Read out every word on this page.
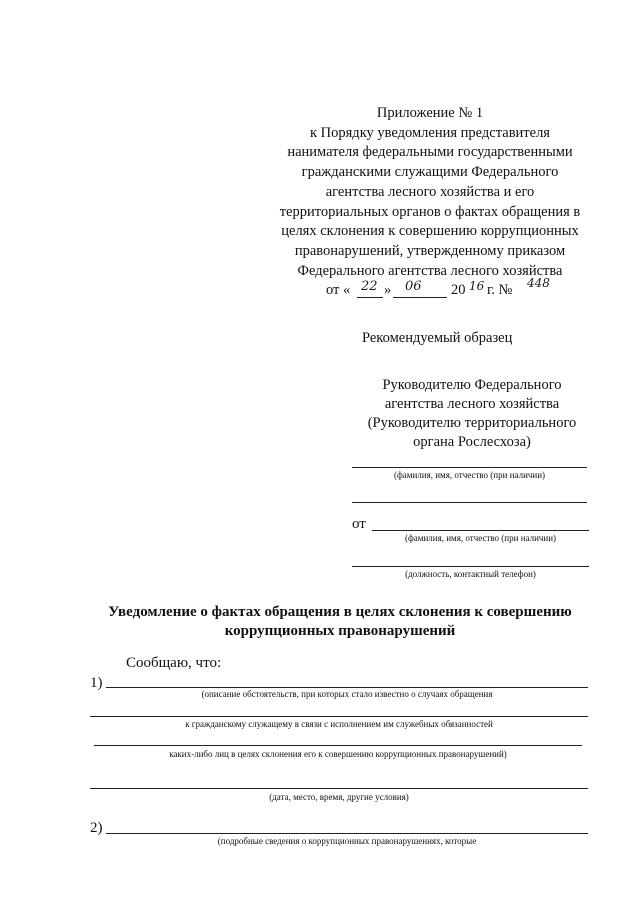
Приложение № 1
к Порядку уведомления представителя
нанимателя федеральными государственными
гражданскими служащими Федерального
агентства лесного хозяйства и его
территориальных органов о фактах обращения в
целях склонения к совершению коррупционных
правонарушений, утвержденному приказом
Федерального агентства лесного хозяйства
от « 22 » 06 20 16 г. № 448
Рекомендуемый образец
Руководителю Федерального
агентства лесного хозяйства
(Руководителю территориального
органа Рослесхоза)
(фамилия, имя, отчество (при наличии)
от
(фамилия, имя, отчество (при наличии)
(должность, контактный телефон)
Уведомление о фактах обращения в целях склонения к совершению
коррупционных правонарушений
Сообщаю, что:
1)
(описание обстоятельств, при которых стало известно о случаях обращения
к гражданскому служащему в связи с исполнением им служебных обязанностей
каких-либо лиц в целях склонения его к совершению коррупционных правонарушений)
(дата, место, время, другие условия)
2)
(подробные сведения о коррупционных правонарушениях, которые
